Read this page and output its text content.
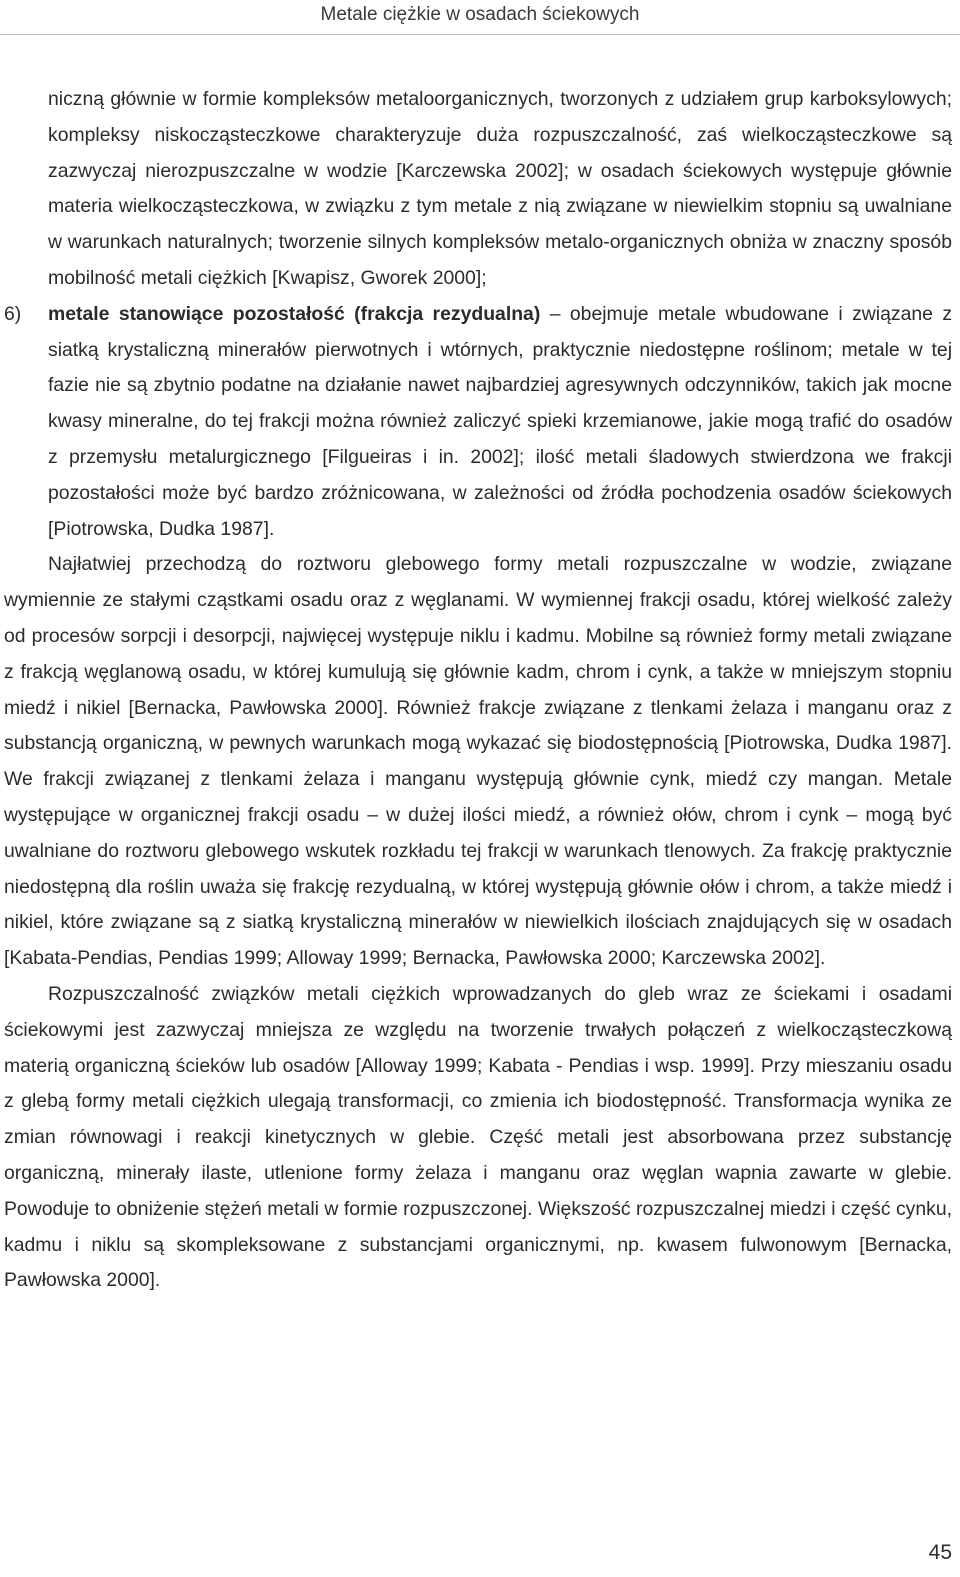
Metale ciężkie w osadach ściekowych

niczną głównie w formie kompleksów metaloorganicznych, tworzonych z udziałem grup karboksylowych; kompleksy niskocząsteczkowe charakteryzuje duża rozpuszczalność, zaś wielkocząsteczkowe są zazwyczaj nierozpuszczalne w wodzie [Karczewska 2002]; w osadach ściekowych występuje głównie materia wielkocząsteczkowa, w związku z tym metale z nią związane w niewielkim stopniu są uwalniane w warunkach naturalnych; tworzenie silnych kompleksów metalo-organicznych obniża w znaczny sposób mobilność metali ciężkich [Kwapisz, Gworek 2000];

6) metale stanowiące pozostałość (frakcja rezydualna) – obejmuje metale wbudowane i związane z siatką krystaliczną minerałów pierwotnych i wtórnych, praktycznie niedostępne roślinom; metale w tej fazie nie są zbytnio podatne na działanie nawet najbardziej agresywnych odczynników, takich jak mocne kwasy mineralne, do tej frakcji można również zaliczyć spieki krzemianowe, jakie mogą trafić do osadów z przemysłu metalurgicznego [Filgueiras i in. 2002]; ilość metali śladowych stwierdzona we frakcji pozostałości może być bardzo zróżnicowana, w zależności od źródła pochodzenia osadów ściekowych [Piotrowska, Dudka 1987].

Najłatwiej przechodzą do roztworu glebowego formy metali rozpuszczalne w wodzie, związane wymiennie ze stałymi cząstkami osadu oraz z węglanami. W wymiennej frakcji osadu, której wielkość zależy od procesów sorpcji i desorpcji, najwięcej występuje niklu i kadmu. Mobilne są również formy metali związane z frakcją węglanową osadu, w której kumulują się głównie kadm, chrom i cynk, a także w mniejszym stopniu miedź i nikiel [Bernacka, Pawłowska 2000]. Również frakcje związane z tlenkami żelaza i manganu oraz z substancją organiczną, w pewnych warunkach mogą wykazać się biodostępnością [Piotrowska, Dudka 1987]. We frakcji związanej z tlenkami żelaza i manganu występują głównie cynk, miedź czy mangan. Metale występujące w organicznej frakcji osadu – w dużej ilości miedź, a również ołów, chrom i cynk – mogą być uwalniane do roztworu glebowego wskutek rozkładu tej frakcji w warunkach tlenowych. Za frakcję praktycznie niedostępną dla roślin uważa się frakcję rezydualną, w której występują głównie ołów i chrom, a także miedź i nikiel, które związane są z siatką krystaliczną minerałów w niewielkich ilościach znajdujących się w osadach [Kabata-Pendias, Pendias 1999; Alloway 1999; Bernacka, Pawłowska 2000; Karczewska 2002].

Rozpuszczalność związków metali ciężkich wprowadzanych do gleb wraz ze ściekami i osadami ściekowymi jest zazwyczaj mniejsza ze względu na tworzenie trwałych połączeń z wielkocząsteczkową materią organiczną ścieków lub osadów [Alloway 1999; Kabata - Pendias i wsp. 1999]. Przy mieszaniu osadu z glebą formy metali ciężkich ulegają transformacji, co zmienia ich biodostępność. Transformacja wynika ze zmian równowagi i reakcji kinetycznych w glebie. Część metali jest absorbowana przez substancję organiczną, minerały ilaste, utlenione formy żelaza i manganu oraz węglan wapnia zawarte w glebie. Powoduje to obniżenie stężeń metali w formie rozpuszczonej. Większość rozpuszczalnej miedzi i część cynku, kadmu i niklu są skompleksowane z substancjami organicznymi, np. kwasem fulwonowym [Bernacka, Pawłowska 2000].

45
